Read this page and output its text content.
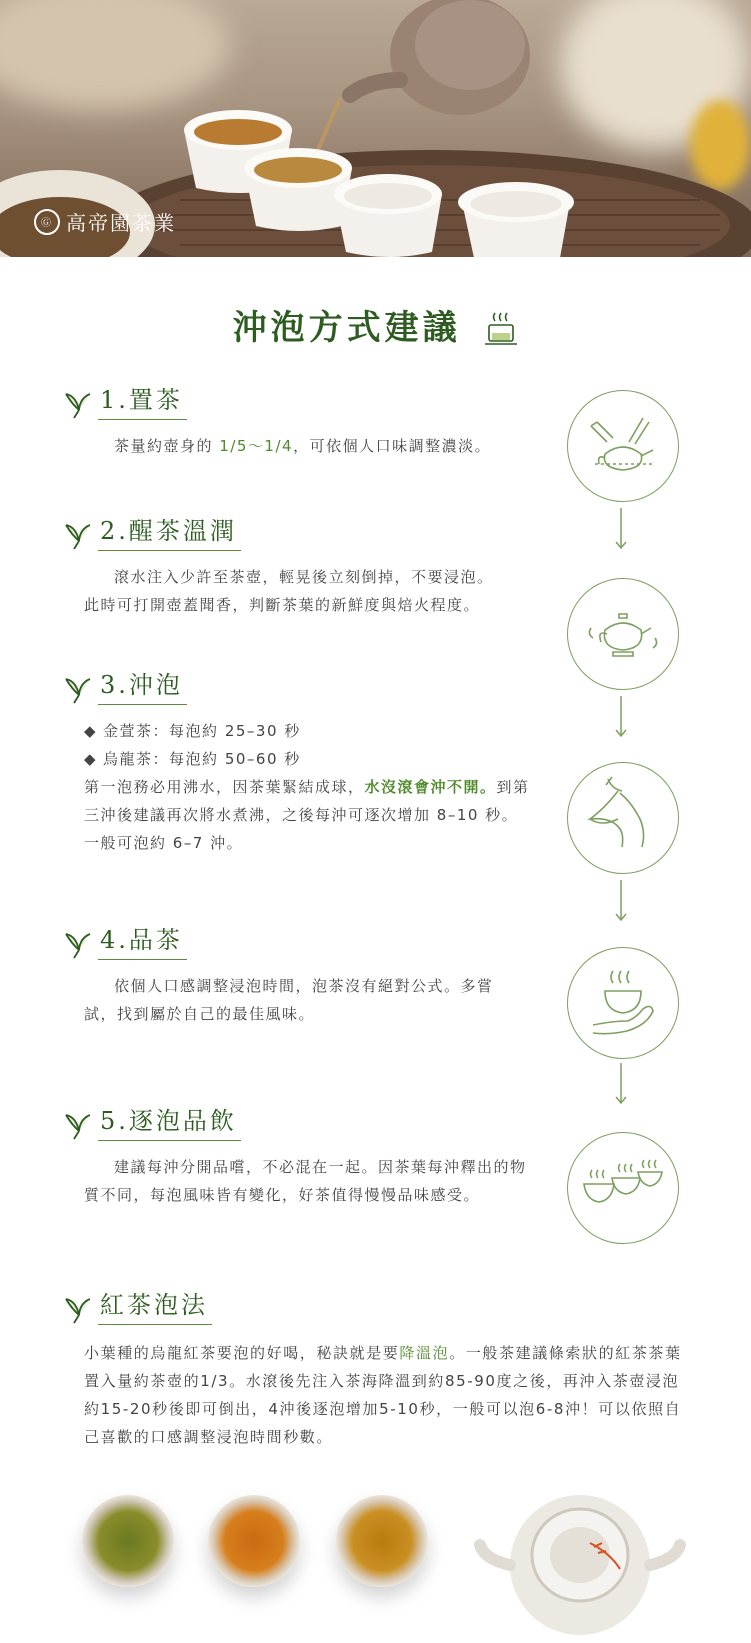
Ⓖ 高帝園茶業
沖泡方式建議
1.置茶
茶量約壺身的 1/5～1/4，可依個人口味調整濃淡。
2.醒茶溫潤
滾水注入少許至茶壺，輕晃後立刻倒掉，不要浸泡。
此時可打開壺蓋聞香，判斷茶葉的新鮮度與焙火程度。
3.沖泡
◆ 金萱茶：每泡約 25–30 秒
◆ 烏龍茶：每泡約 50–60 秒
第一泡務必用沸水，因茶葉緊結成球，水沒滾會沖不開。到第三沖後建議再次將水煮沸，之後每沖可逐次增加 8–10 秒。一般可泡約 6–7 沖。
4.品茶
依個人口感調整浸泡時間，泡茶沒有絕對公式。多嘗試，找到屬於自己的最佳風味。
5.逐泡品飲
建議每沖分開品嚐，不必混在一起。因茶葉每沖釋出的物質不同，每泡風味皆有變化，好茶值得慢慢品味感受。
紅茶泡法
小葉種的烏龍紅茶要泡的好喝，秘訣就是要降溫泡。一般茶建議條索狀的紅茶茶葉置入量約茶壺的1/3。水滾後先注入茶海降溫到約85-90度之後，再沖入茶壺浸泡約15-20秒後即可倒出，4沖後逐泡增加5-10秒，一般可以泡6-8沖！可以依照自己喜歡的口感調整浸泡時間秒數。
